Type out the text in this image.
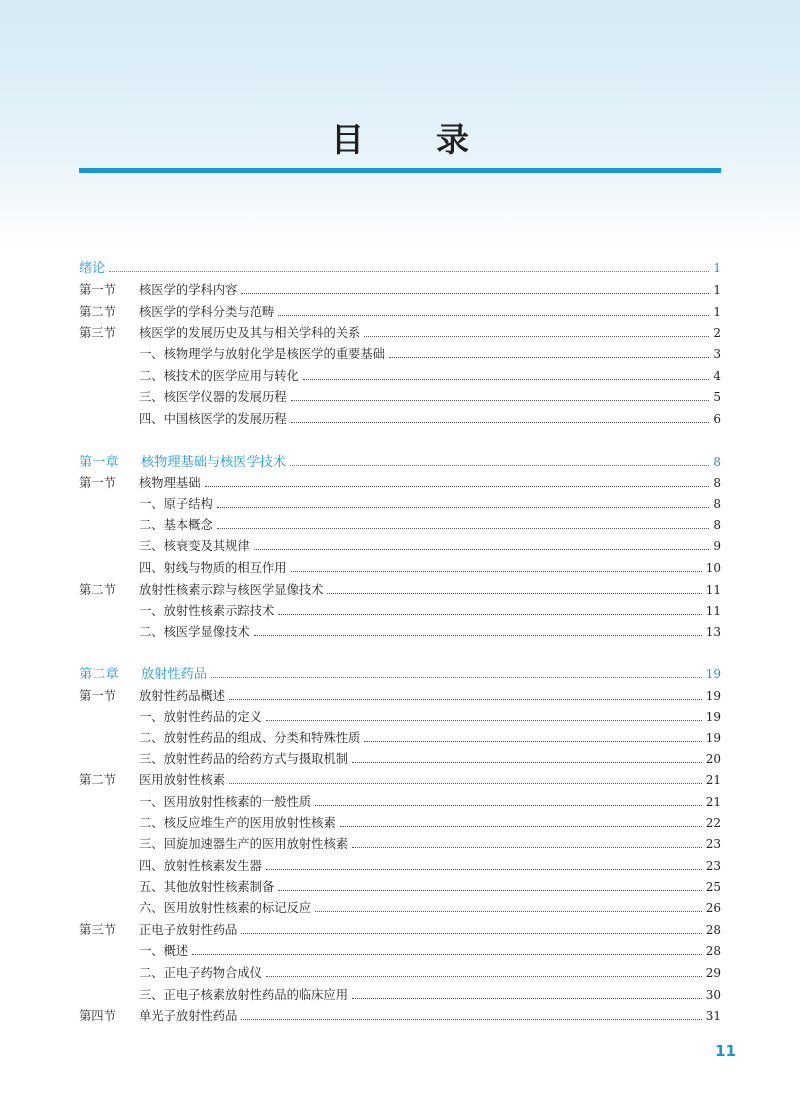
目 录
绪论	1
第一节	核医学的学科内容	1
第二节	核医学的学科分类与范畴	1
第三节	核医学的发展历史及其与相关学科的关系	2
一、核物理学与放射化学是核医学的重要基础	3
二、核技术的医学应用与转化	4
三、核医学仪器的发展历程	5
四、中国核医学的发展历程	6
第一章	核物理基础与核医学技术	8
第一节	核物理基础	8
一、原子结构	8
二、基本概念	8
三、核衰变及其规律	9
四、射线与物质的相互作用	10
第二节	放射性核素示踪与核医学显像技术	11
一、放射性核素示踪技术	11
二、核医学显像技术	13
第二章	放射性药品	19
第一节	放射性药品概述	19
一、放射性药品的定义	19
二、放射性药品的组成、分类和特殊性质	19
三、放射性药品的给药方式与摄取机制	20
第二节	医用放射性核素	21
一、医用放射性核素的一般性质	21
二、核反应堆生产的医用放射性核素	22
三、回旋加速器生产的医用放射性核素	23
四、放射性核素发生器	23
五、其他放射性核素制备	25
六、医用放射性核素的标记反应	26
第三节	正电子放射性药品	28
一、概述	28
二、正电子药物合成仪	29
三、正电子核素放射性药品的临床应用	30
第四节	单光子放射性药品	31
11
